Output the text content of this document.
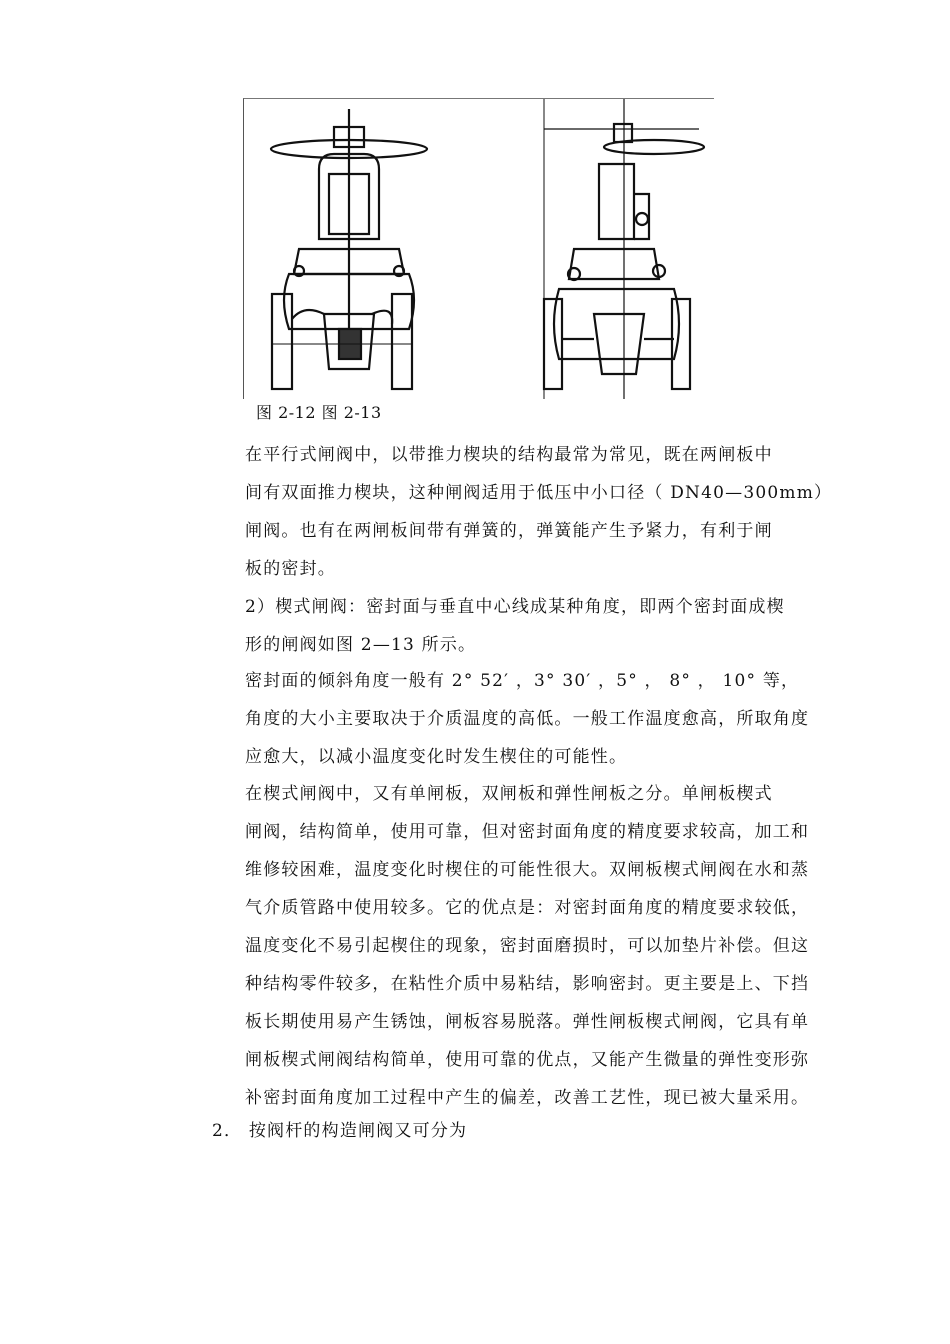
图 2-12 图 2-13

在平行式闸阀中，以带推力楔块的结构最常为常见，既在两闸板中
间有双面推力楔块，这种闸阀适用于低压中小口径（ DN40—300mm）
闸阀。也有在两闸板间带有弹簧的，弹簧能产生予紧力，有利于闸
板的密封。

2）楔式闸阀：密封面与垂直中心线成某种角度，即两个密封面成楔
形的闸阀如图 2—13 所示。

密封面的倾斜角度一般有 2° 52′ ，3° 30′ ，5° ， 8° ， 10° 等，
角度的大小主要取决于介质温度的高低。一般工作温度愈高，所取角度
应愈大，以减小温度变化时发生楔住的可能性。

在楔式闸阀中，又有单闸板，双闸板和弹性闸板之分。单闸板楔式
闸阀，结构简单，使用可靠，但对密封面角度的精度要求较高，加工和
维修较困难，温度变化时楔住的可能性很大。双闸板楔式闸阀在水和蒸
气介质管路中使用较多。它的优点是：对密封面角度的精度要求较低，
温度变化不易引起楔住的现象，密封面磨损时，可以加垫片补偿。但这
种结构零件较多，在粘性介质中易粘结，影响密封。更主要是上、下挡
板长期使用易产生锈蚀，闸板容易脱落。弹性闸板楔式闸阀，它具有单
闸板楔式闸阀结构简单，使用可靠的优点，又能产生微量的弹性变形弥
补密封面角度加工过程中产生的偏差，改善工艺性，现已被大量采用。

2． 按阀杆的构造闸阀又可分为
